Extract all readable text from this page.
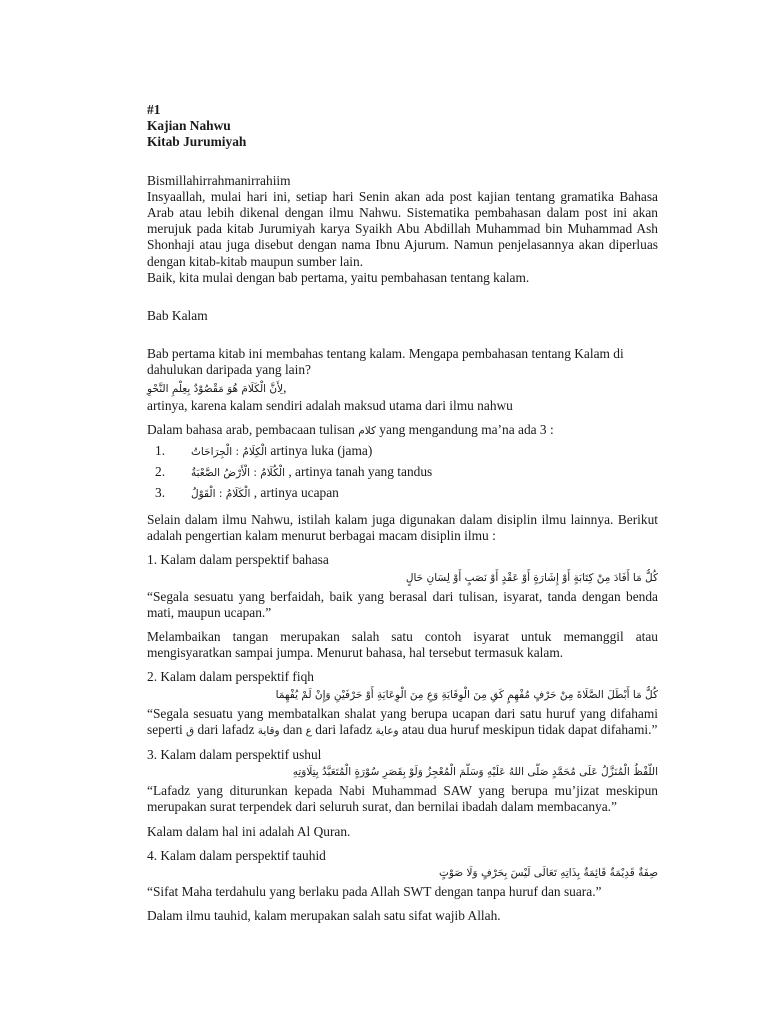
#1
Kajian Nahwu
Kitab Jurumiyah

Bismillahirrahmanirrahiim

Insyaallah, mulai hari ini, setiap hari Senin akan ada post kajian tentang gramatika Bahasa Arab atau lebih dikenal dengan ilmu Nahwu. Sistematika pembahasan dalam post ini akan merujuk pada kitab Jurumiyah karya Syaikh Abu Abdillah Muhammad bin Muhammad Ash Shonhaji atau juga disebut dengan nama Ibnu Ajurum. Namun penjelasannya akan diperluas dengan kitab-kitab maupun sumber lain.

Baik, kita mulai dengan bab pertama, yaitu pembahasan tentang kalam.

Bab Kalam

Bab pertama kitab ini membahas tentang kalam. Mengapa pembahasan tentang Kalam di dahulukan daripada yang lain?

لِأَنَّ الْكَلَامَ هُوَ مَقْصُوْدٌ بِعِلْمِ النَّحْوِ,

artinya, karena kalam sendiri adalah maksud utama dari ilmu nahwu

Dalam bahasa arab, pembacaan tulisan كلام yang mengandung ma’na ada 3 :

1.	الْكِلَامُ : الْجِرَاحَاتُ artinya luka (jama)
2.	الْكُلَامُ : الْأَرْضُ الصَّعْبَةُ , artinya tanah yang tandus
3.	الْكَلَامُ : الْقَوْلُ , artinya ucapan

Selain dalam ilmu Nahwu, istilah kalam juga digunakan dalam disiplin ilmu lainnya. Berikut adalah pengertian kalam menurut berbagai macam disiplin ilmu :

1. Kalam dalam perspektif bahasa

كُلُّ مَا أَفَادَ مِنْ كِتَابَةٍ أَوْ إِشَارَةٍ أَوْ عَقْدٍ أَوْ نَصَبٍ أَوْ لِسَانِ حَالٍ

“Segala sesuatu yang berfaidah, baik yang berasal dari tulisan, isyarat, tanda dengan benda mati, maupun ucapan.”

Melambaikan tangan merupakan salah satu contoh isyarat untuk memanggil atau mengisyaratkan sampai jumpa. Menurut bahasa, hal tersebut termasuk kalam.

2. Kalam dalam perspektif fiqh

كُلُّ مَا أَبْطَلَ الصَّلَاةَ مِنْ حَرْفٍ مُفْهِمٍ كَقِ مِنَ الْوِقَايَةِ وَعِ مِنَ الْوِعَايَةِ أَوْ حَرْفَيْنِ وَإِنْ لَمْ يُفْهِمَا

“Segala sesuatu yang membatalkan shalat yang berupa ucapan dari satu huruf yang difahami seperti ق dari lafadz وقاية dan ع dari lafadz وعاية atau dua huruf meskipun tidak dapat difahami.”

3. Kalam dalam perspektif ushul

اللَّفْظُ الْمُنَزَّلُ عَلَى مُحَمَّدٍ صَلَّى اللهُ عَلَيْهِ وَسَلَّمَ الْمُعْجِزُ وَلَوْ بِقَصَرِ سُوْرَةٍ الْمُتَعَبَّدُ بِتِلَاوَتِهِ

“Lafadz yang diturunkan kepada Nabi Muhammad SAW yang berupa mu’jizat meskipun merupakan surat terpendek dari seluruh surat, dan bernilai ibadah dalam membacanya.”

Kalam dalam hal ini adalah Al Quran.

4. Kalam dalam perspektif tauhid

صِفَةٌ قَدِيْمَةٌ قَائِمَةٌ بِذَاتِهِ تَعَالَى لَيْسَ بِحَرْفٍ وَلَا صَوْتٍ

“Sifat Maha terdahulu yang berlaku pada Allah SWT dengan tanpa huruf dan suara.”

Dalam ilmu tauhid, kalam merupakan salah satu sifat wajib Allah.
